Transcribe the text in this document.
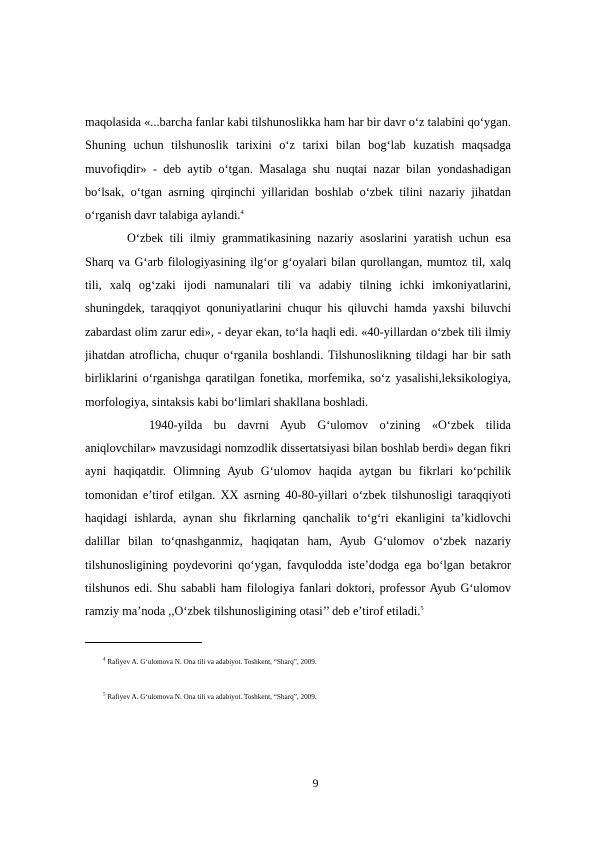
maqolasida «...barcha fanlar kabi tilshunoslikka ham har bir davr o‘z talabini qo‘ygan. Shuning uchun tilshunoslik tarixini o‘z tarixi bilan bog‘lab kuzatish maqsadga muvofiqdir» - deb aytib o‘tgan. Masalaga shu nuqtai nazar bilan yondashadigan bo‘lsak, o‘tgan asrning qirqinchi yillaridan boshlab o‘zbek tilini nazariy jihatdan o‘rganish davr talabiga aylandi.$^4$

O‘zbek tili ilmiy grammatikasining nazariy asoslarini yaratish uchun esa Sharq va G‘arb filologiyasining ilg‘or g‘oyalari bilan qurollangan, mumtoz til, xalq tili, xalq og‘zaki ijodi namunalari tili va adabiy tilning ichki imkoniyatlarini, shuningdek, taraqqiyot qonuniyatlarini chuqur his qiluvchi hamda yaxshi biluvchi zabardast olim zarur edi», - deyar ekan, to‘la haqli edi. «40-yillardan o‘zbek tili ilmiy jihatdan atroflicha, chuqur o‘rganila boshlandi. Tilshunoslikning tildagi har bir sath birliklarini o‘rganishga qaratilgan fonetika, morfemika, so‘z yasalishi,leksikologiya, morfologiya, sintaksis kabi bo‘limlari shakllana boshladi.

1940-yilda bu davrni Ayub G‘ulomov o‘zining «O‘zbek tilida aniqlovchilar» mavzusidagi nomzodlik dissertatsiyasi bilan boshlab berdi» degan fikri ayni haqiqatdir. Olimning Ayub G‘ulomov haqida aytgan bu fikrlari ko‘pchilik tomonidan e’tirof etilgan. XX asrning 40-80-yillari o‘zbek tilshunosligi taraqqiyoti haqidagi ishlarda, aynan shu fikrlarning qanchalik to‘g‘ri ekanligini ta’kidlovchi dalillar bilan to‘qnashganmiz, haqiqatan ham, Ayub G‘ulomov o‘zbek nazariy tilshunosligining poydevorini qo‘ygan, favqulodda iste’dodga ega bo‘lgan betakror tilshunos edi. Shu sababli ham filologiya fanlari doktori, professor Ayub G‘ulomov ramziy ma’noda ,,O‘zbek tilshunosligining otasi’’ deb e’tirof etiladi.$^5$

$^4$ Rafiyev A. G‘ulomova N. Ona tili va adabiyot. Toshkent, “Sharq”, 2009.
$^5$ Rafiyev A. G‘ulomova N. Ona tili va adabiyot. Toshkent, “Sharq”, 2009.
9
